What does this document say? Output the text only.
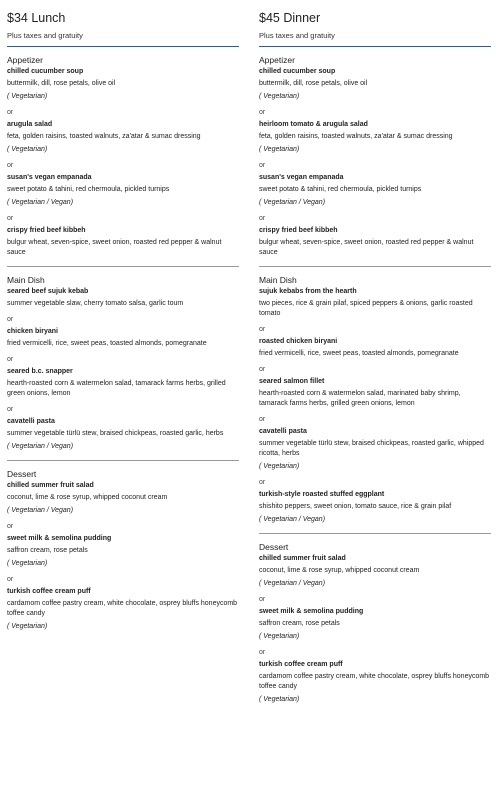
$34 Lunch
Plus taxes and gratuity
Appetizer
chilled cucumber soup
buttermilk, dill, rose petals, olive oil
( Vegetarian)
or
arugula salad
feta, golden raisins, toasted walnuts, za'atar & sumac dressing
( Vegetarian)
or
susan's vegan empanada
sweet potato & tahini, red chermoula, pickled turnips
( Vegetarian / Vegan)
or
crispy fried beef kibbeh
bulgur wheat, seven-spice, sweet onion, roasted red pepper & walnut sauce
Main Dish
seared beef sujuk kebab
summer vegetable slaw, cherry tomato salsa, garlic toum
or
chicken biryani
fried vermicelli, rice, sweet peas, toasted almonds, pomegranate
or
seared b.c. snapper
hearth-roasted corn & watermelon salad, tamarack farms herbs, grilled green onions, lemon
or
cavatelli pasta
summer vegetable türlü stew, braised chickpeas, roasted garlic, herbs
( Vegetarian / Vegan)
Dessert
chilled summer fruit salad
coconut, lime & rose syrup, whipped coconut cream
( Vegetarian / Vegan)
or
sweet milk & semolina pudding
saffron cream, rose petals
( Vegetarian)
or
turkish coffee cream puff
cardamom coffee pastry cream, white chocolate, osprey bluffs honeycomb toffee candy
( Vegetarian)
$45 Dinner
Plus taxes and gratuity
Appetizer
chilled cucumber soup
buttermilk, dill, rose petals, olive oil
( Vegetarian)
or
heirloom tomato & arugula salad
feta, golden raisins, toasted walnuts, za'atar & sumac dressing
( Vegetarian)
or
susan's vegan empanada
sweet potato & tahini, red chermoula, pickled turnips
( Vegetarian / Vegan)
or
crispy fried beef kibbeh
bulgur wheat, seven-spice, sweet onion, roasted red pepper & walnut sauce
Main Dish
sujuk kebabs from the hearth
two pieces, rice & grain pilaf, spiced peppers & onions, garlic roasted tomato
or
roasted chicken biryani
fried vermicelli, rice, sweet peas, toasted almonds, pomegranate
or
seared salmon fillet
hearth-roasted corn & watermelon salad, marinated baby shrimp, tamarack farms herbs, grilled green onions, lemon
or
cavatelli pasta
summer vegetable türlü stew, braised chickpeas, roasted garlic, whipped ricotta, herbs
( Vegetarian)
or
turkish-style roasted stuffed eggplant
shishito peppers, sweet onion, tomato sauce, rice & grain pilaf
( Vegetarian / Vegan)
Dessert
chilled summer fruit salad
coconut, lime & rose syrup, whipped coconut cream
( Vegetarian / Vegan)
or
sweet milk & semolina pudding
saffron cream, rose petals
( Vegetarian)
or
turkish coffee cream puff
cardamom coffee pastry cream, white chocolate, osprey bluffs honeycomb toffee candy
( Vegetarian)
